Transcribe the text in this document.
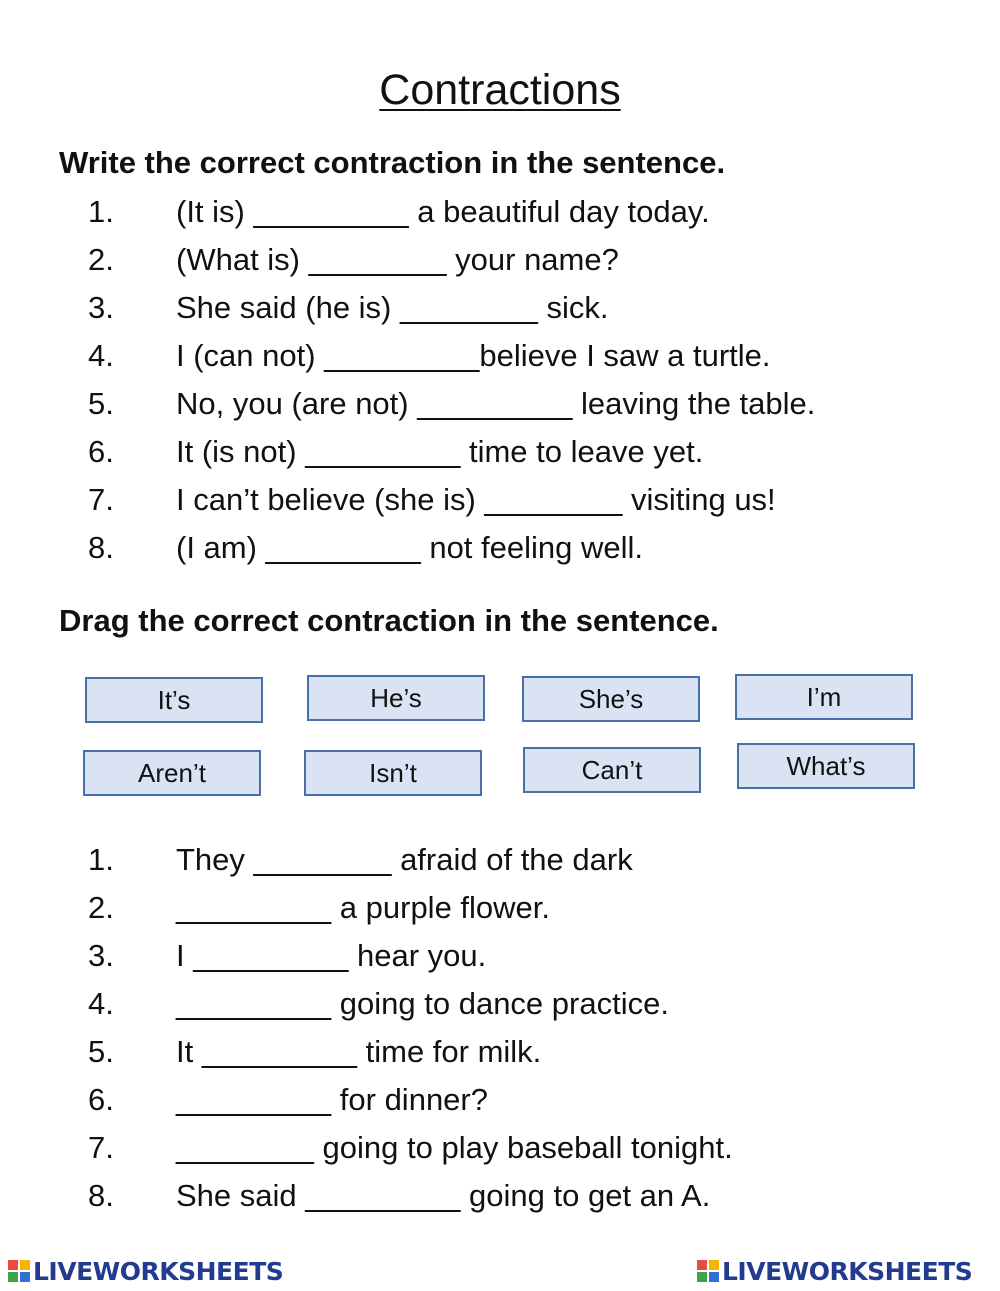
Contractions
Write the correct contraction in the sentence.
1.	(It is) _________ a beautiful day today.
2.	(What is) ________ your name?
3.	She said (he is) ________ sick.
4.	I (can not) _________believe I saw a turtle.
5.	No, you (are not) _________ leaving the table.
6.	It (is not) _________ time to leave yet.
7.	I can’t believe (she is) ________ visiting us!
8.	(I am) _________ not feeling well.
Drag the correct contraction in the sentence.
It’s	He’s	She’s	I’m
Aren’t	Isn’t	Can’t	What’s
1.	They ________ afraid of the dark
2.	_________ a purple flower.
3.	I _________ hear you.
4.	_________ going to dance practice.
5.	It _________ time for milk.
6.	_________ for dinner?
7.	________ going to play baseball tonight.
8.	She said _________ going to get an A.
LIVEWORKSHEETS	LIVEWORKSHEETS
